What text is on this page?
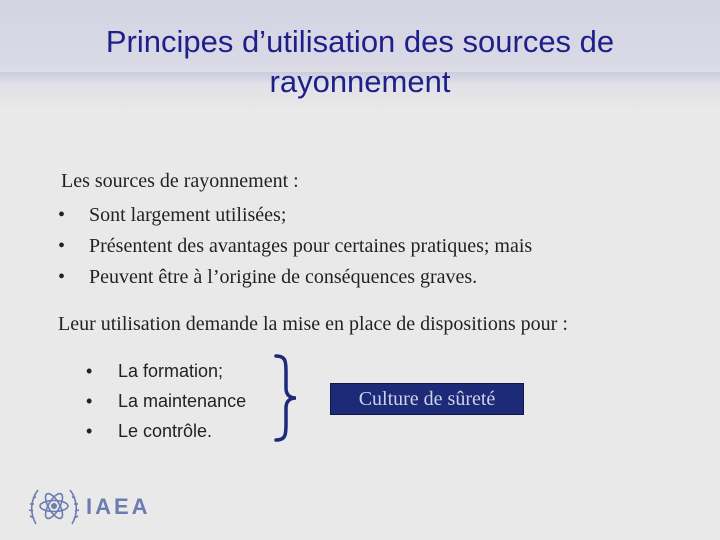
Principes d’utilisation des sources de
rayonnement

Les sources de rayonnement :

•	Sont largement utilisées;
•	Présentent des avantages pour certaines pratiques; mais
•	Peuvent être à l’origine de conséquences graves.

Leur utilisation demande la mise en place de dispositions pour :

•	La formation;
•	La maintenance
•	Le contrôle.
Culture de sûreté
IAEA
